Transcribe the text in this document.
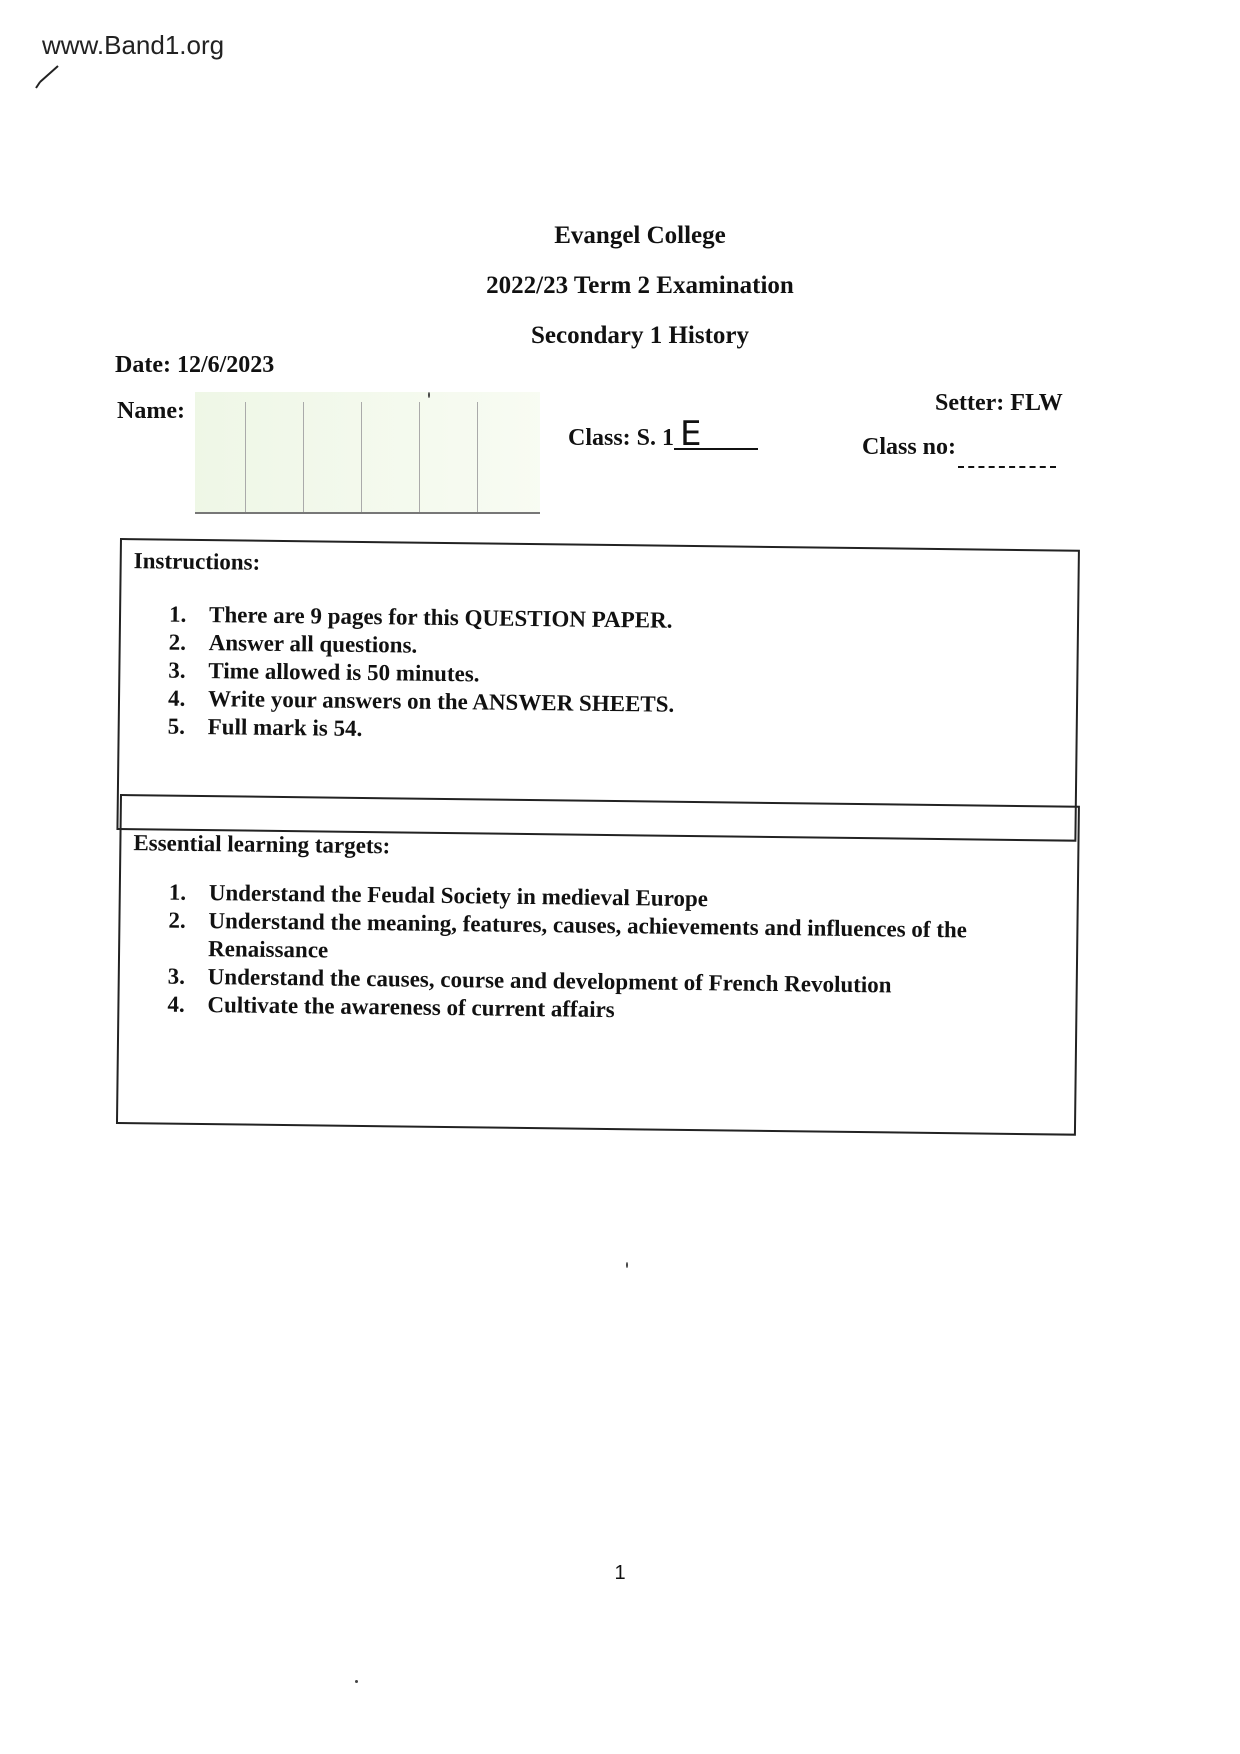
www.Band1.org
Evangel College
2022/23 Term 2 Examination
Secondary 1 History
Date: 12/6/2023
Name:
Class: S. 1 E
Setter: FLW
Class no:
Instructions:
1. There are 9 pages for this QUESTION PAPER.
2. Answer all questions.
3. Time allowed is 50 minutes.
4. Write your answers on the ANSWER SHEETS.
5. Full mark is 54.
Essential learning targets:
1. Understand the Feudal Society in medieval Europe
2. Understand the meaning, features, causes, achievements and influences of the Renaissance
3. Understand the causes, course and development of French Revolution
4. Cultivate the awareness of current affairs
1
